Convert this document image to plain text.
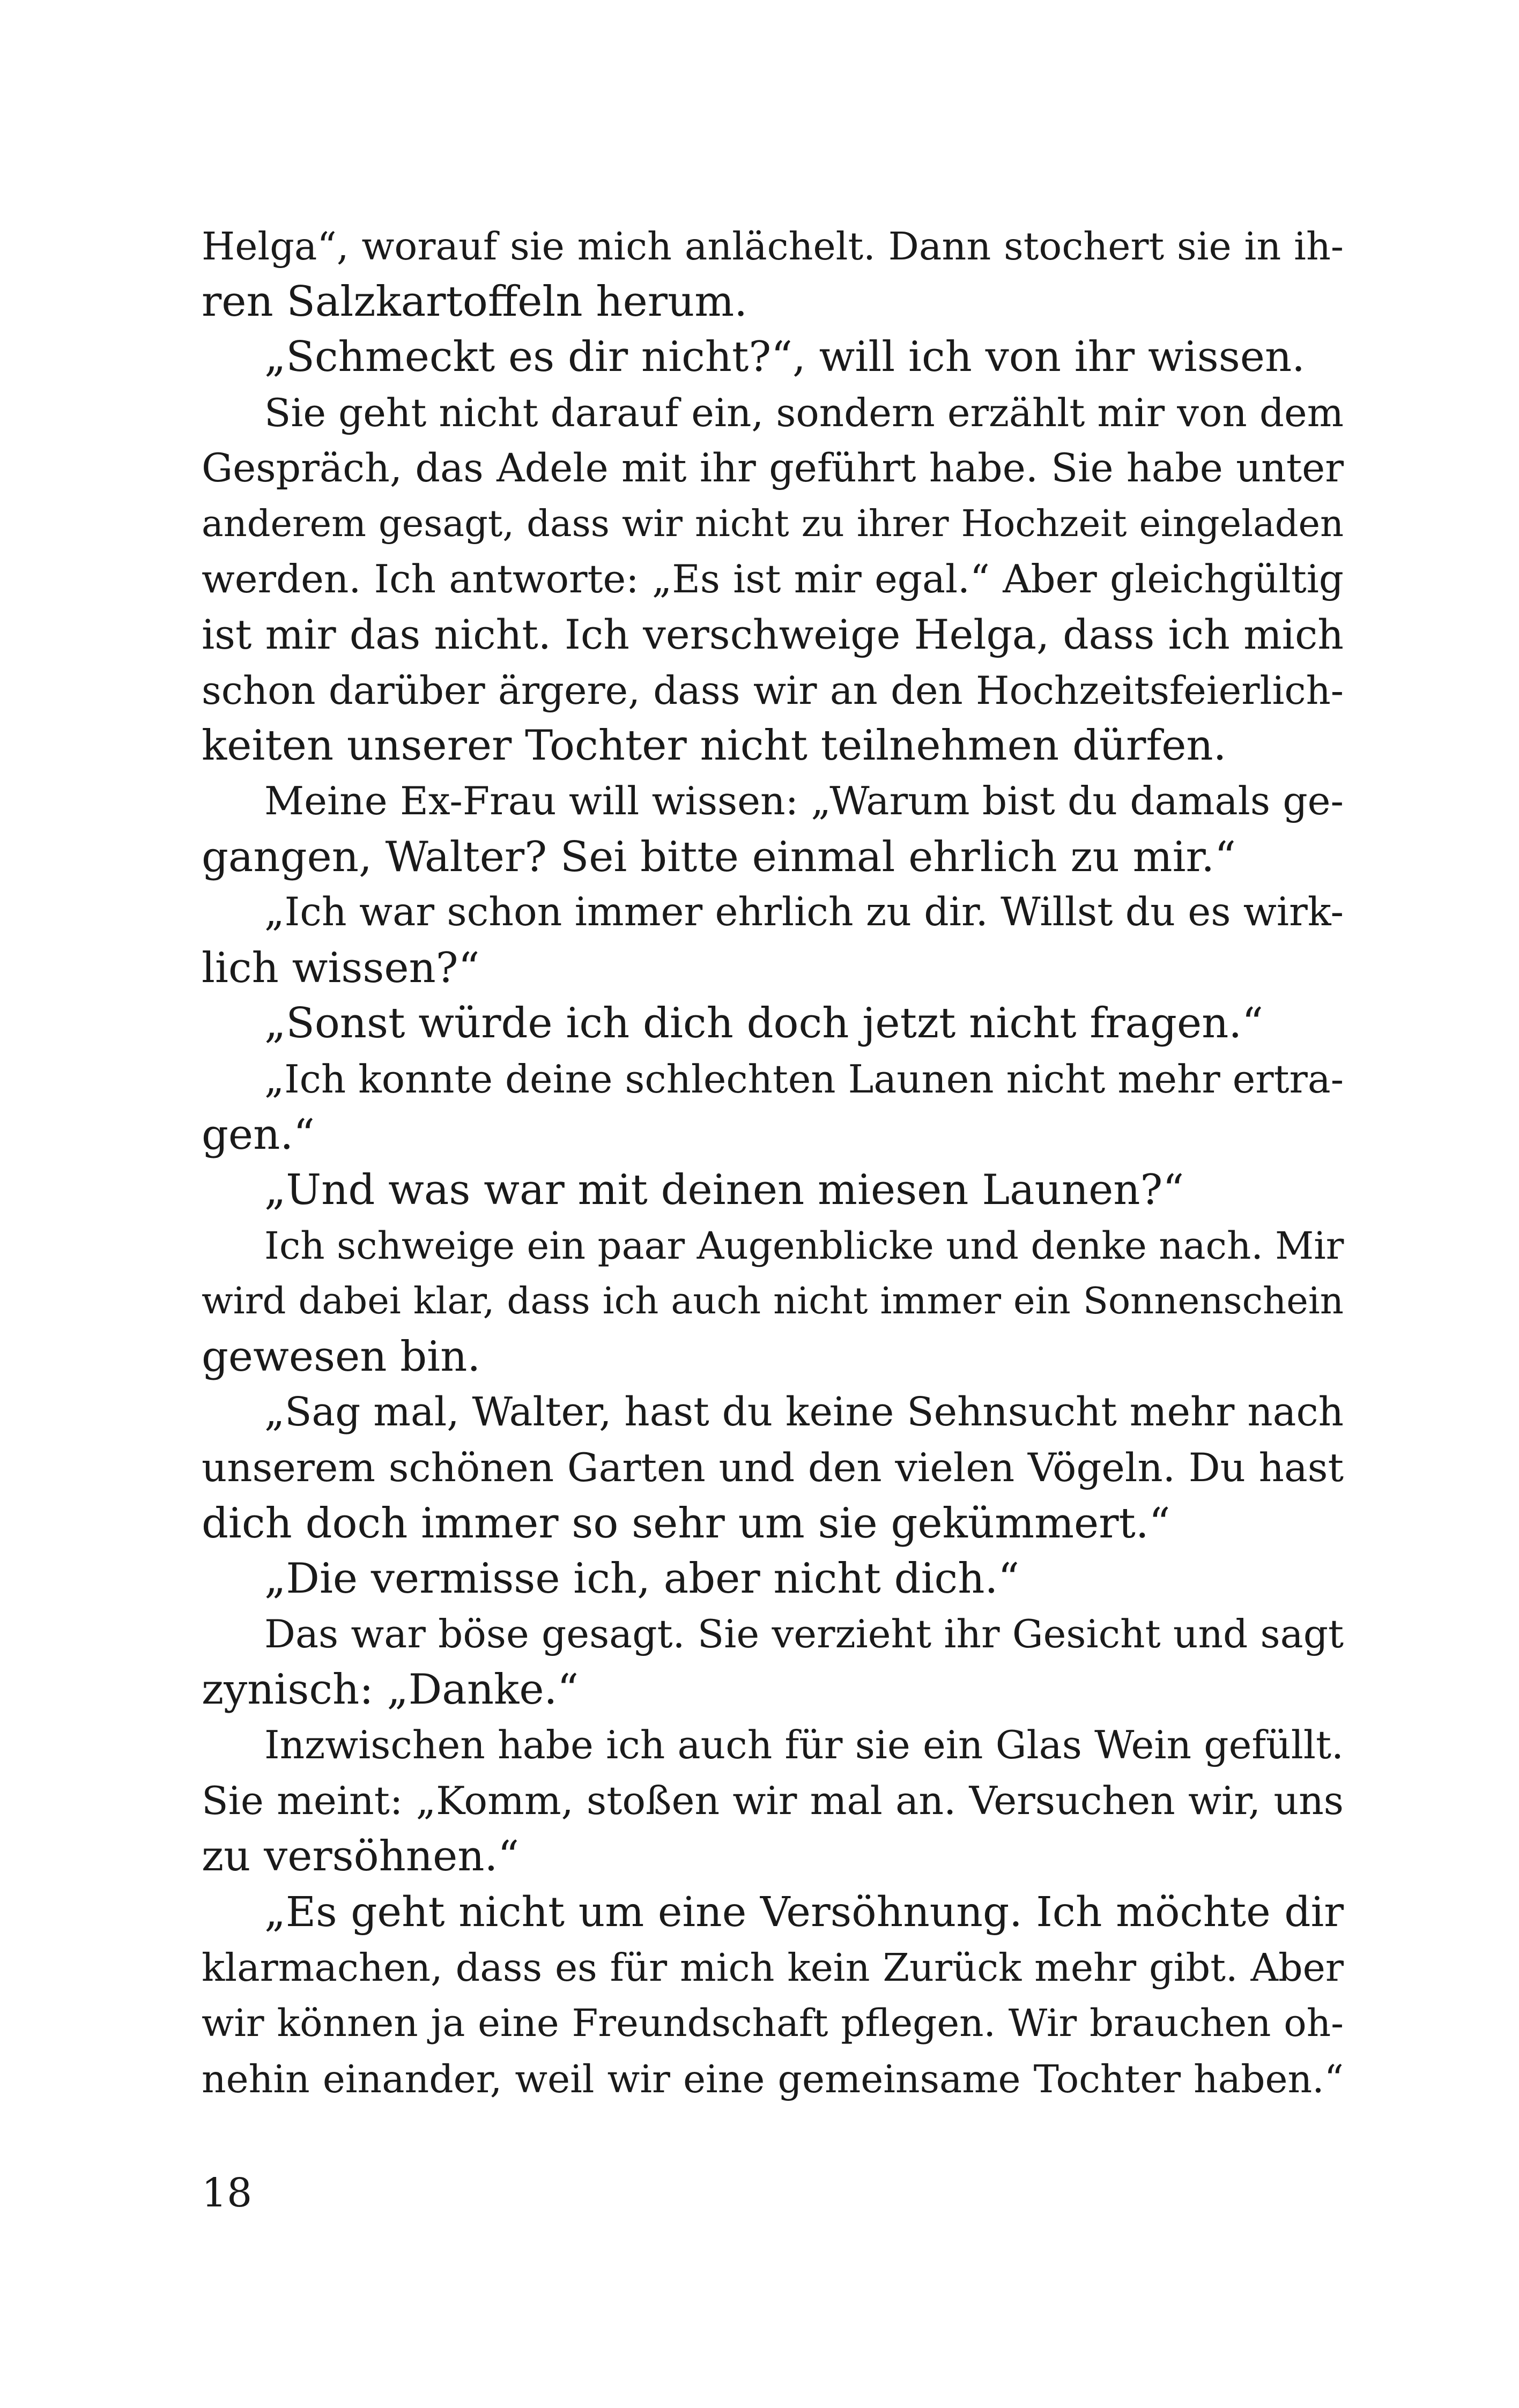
Helga“, worauf sie mich anlächelt. Dann stochert sie in ih-
ren Salzkartoffeln herum.
„Schmeckt es dir nicht?“, will ich von ihr wissen.
Sie geht nicht darauf ein, sondern erzählt mir von dem
Gespräch, das Adele mit ihr geführt habe. Sie habe unter
anderem gesagt, dass wir nicht zu ihrer Hochzeit eingeladen
werden. Ich antworte: „Es ist mir egal.“ Aber gleichgültig
ist mir das nicht. Ich verschweige Helga, dass ich mich
schon darüber ärgere, dass wir an den Hochzeitsfeierlich-
keiten unserer Tochter nicht teilnehmen dürfen.
Meine Ex-Frau will wissen: „Warum bist du damals ge-
gangen, Walter? Sei bitte einmal ehrlich zu mir.“
„Ich war schon immer ehrlich zu dir. Willst du es wirk-
lich wissen?“
„Sonst würde ich dich doch jetzt nicht fragen.“
„Ich konnte deine schlechten Launen nicht mehr ertra-
gen.“
„Und was war mit deinen miesen Launen?“
Ich schweige ein paar Augenblicke und denke nach. Mir
wird dabei klar, dass ich auch nicht immer ein Sonnenschein
gewesen bin.
„Sag mal, Walter, hast du keine Sehnsucht mehr nach
unserem schönen Garten und den vielen Vögeln. Du hast
dich doch immer so sehr um sie gekümmert.“
„Die vermisse ich, aber nicht dich.“
Das war böse gesagt. Sie verzieht ihr Gesicht und sagt
zynisch: „Danke.“
Inzwischen habe ich auch für sie ein Glas Wein gefüllt.
Sie meint: „Komm, stoßen wir mal an. Versuchen wir, uns
zu versöhnen.“
„Es geht nicht um eine Versöhnung. Ich möchte dir
klarmachen, dass es für mich kein Zurück mehr gibt. Aber
wir können ja eine Freundschaft pflegen. Wir brauchen oh-
nehin einander, weil wir eine gemeinsame Tochter haben.“
18
